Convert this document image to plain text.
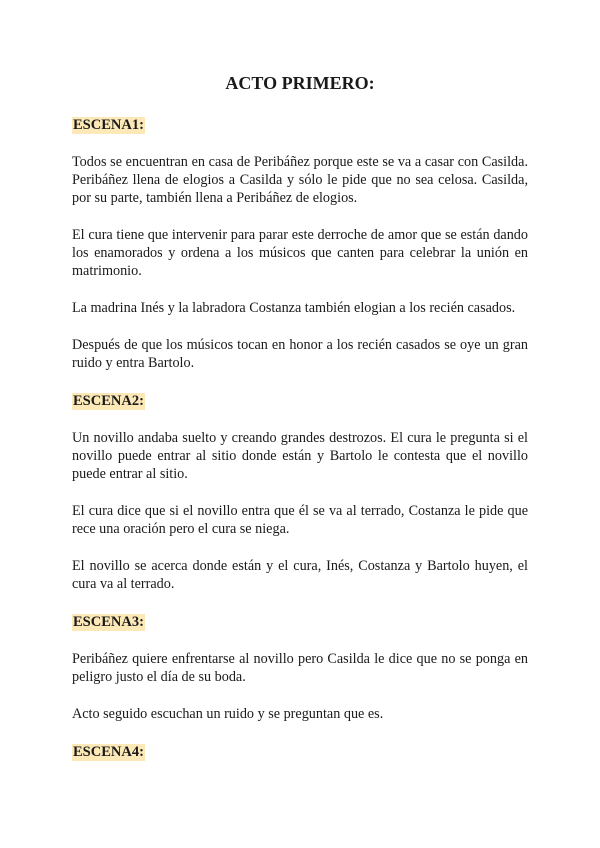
ACTO PRIMERO:
ESCENA1:

Todos se encuentran en casa de Peribáñez porque este se va a casar con Casilda. Peribáñez llena de elogios a Casilda y sólo le pide que no sea celosa. Casilda, por su parte, también llena a Peribáñez de elogios.

El cura tiene que intervenir para parar este derroche de amor que se están dando los enamorados y ordena a los músicos que canten para celebrar la unión en matrimonio.

La madrina Inés y la labradora Costanza también elogian a los recién casados.

Después de que los músicos tocan en honor a los recién casados se oye un gran ruido y entra Bartolo.

ESCENA2:

Un novillo andaba suelto y creando grandes destrozos. El cura le pregunta si el novillo puede entrar al sitio donde están y Bartolo le contesta que el novillo puede entrar al sitio.

El cura dice que si el novillo entra que él se va al terrado, Costanza le pide que rece una oración pero el cura se niega.

El novillo se acerca donde están y el cura, Inés, Costanza y Bartolo huyen, el cura va al terrado.

ESCENA3:

Peribáñez quiere enfrentarse al novillo pero Casilda le dice que no se ponga en peligro justo el día de su boda.

Acto seguido escuchan un ruido y se preguntan que es.

ESCENA4:
